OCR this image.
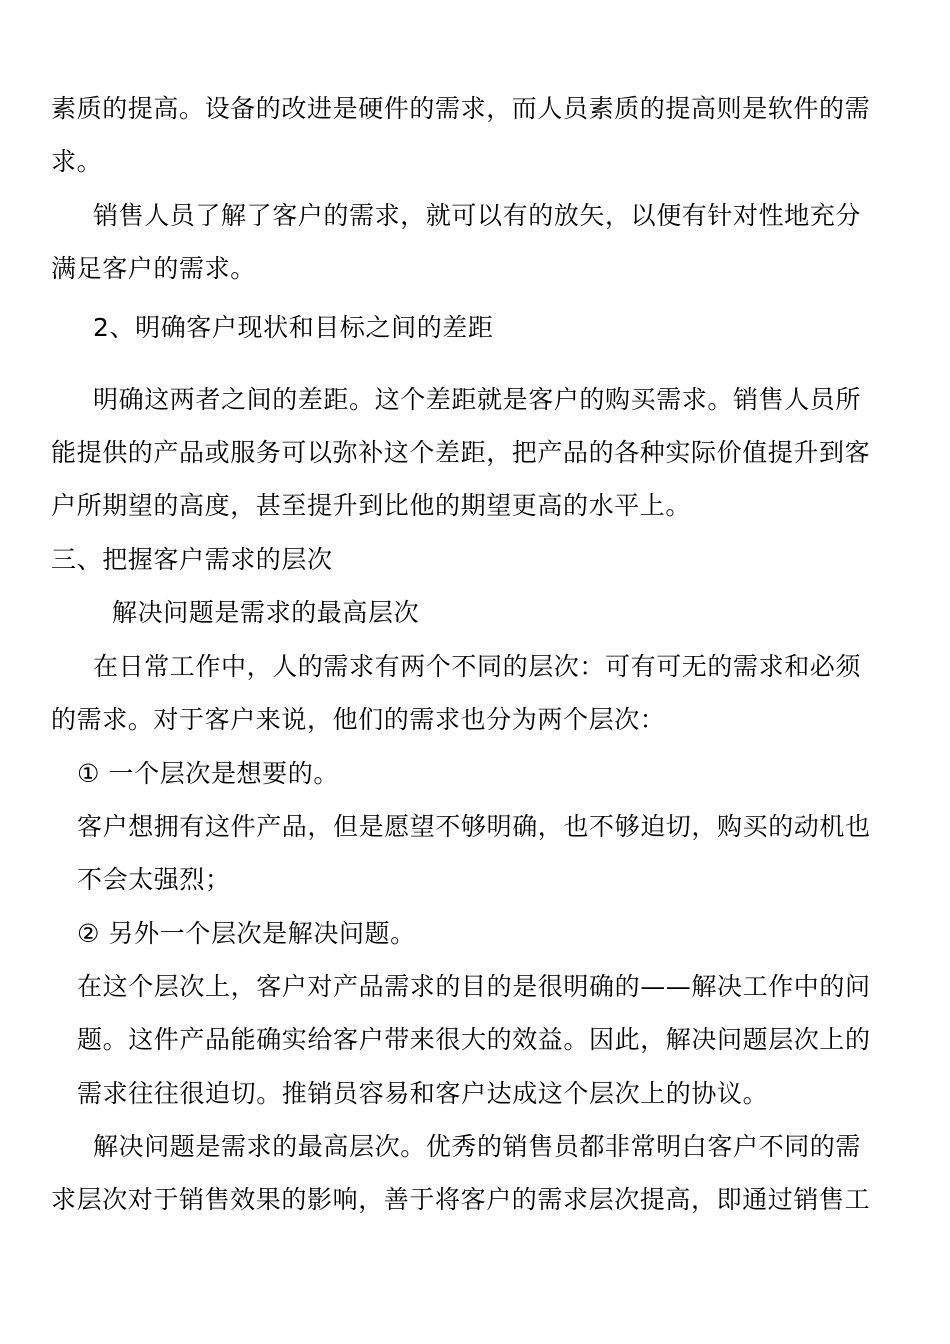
素质的提高。设备的改进是硬件的需求，而人员素质的提高则是软件的需
求。
销售人员了解了客户的需求，就可以有的放矢，以便有针对性地充分
满足客户的需求。
2、明确客户现状和目标之间的差距
明确这两者之间的差距。这个差距就是客户的购买需求。销售人员所
能提供的产品或服务可以弥补这个差距，把产品的各种实际价值提升到客
户所期望的高度，甚至提升到比他的期望更高的水平上。
三、把握客户需求的层次
解决问题是需求的最高层次
在日常工作中，人的需求有两个不同的层次：可有可无的需求和必须
的需求。对于客户来说，他们的需求也分为两个层次：
① 一个层次是想要的。
客户想拥有这件产品，但是愿望不够明确，也不够迫切，购买的动机也
不会太强烈；
② 另外一个层次是解决问题。
在这个层次上，客户对产品需求的目的是很明确的——解决工作中的问
题。这件产品能确实给客户带来很大的效益。因此，解决问题层次上的
需求往往很迫切。推销员容易和客户达成这个层次上的协议。
解决问题是需求的最高层次。优秀的销售员都非常明白客户不同的需
求层次对于销售效果的影响，善于将客户的需求层次提高，即通过销售工
